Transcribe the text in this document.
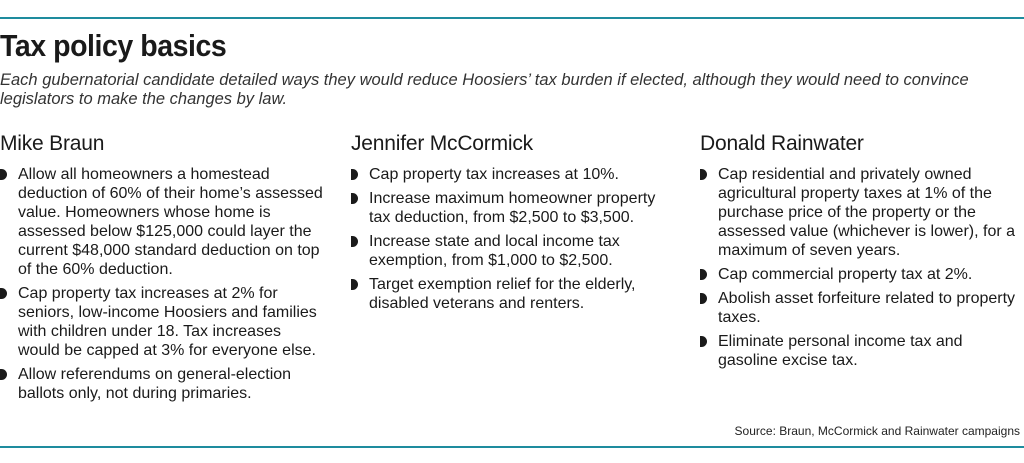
Tax policy basics

Each gubernatorial candidate detailed ways they would reduce Hoosiers’ tax burden if elected, although they would need to convince legislators to make the changes by law.

Mike Braun
Allow all homeowners a homestead deduction of 60% of their home’s assessed value. Homeowners whose home is assessed below $125,000 could layer the current $48,000 standard deduction on top of the 60% deduction.
Cap property tax increases at 2% for seniors, low-income Hoosiers and families with children under 18. Tax increases would be capped at 3% for everyone else.
Allow referendums on general-election ballots only, not during primaries.
Jennifer McCormick
Cap property tax increases at 10%.
Increase maximum homeowner property tax deduction, from $2,500 to $3,500.
Increase state and local income tax exemption, from $1,000 to $2,500.
Target exemption relief for the elderly, disabled veterans and renters.
Donald Rainwater
Cap residential and privately owned agricultural property taxes at 1% of the purchase price of the property or the assessed value (whichever is lower), for a maximum of seven years.
Cap commercial property tax at 2%.
Abolish asset forfeiture related to property taxes.
Eliminate personal income tax and gasoline excise tax.
Source: Braun, McCormick and Rainwater campaigns
